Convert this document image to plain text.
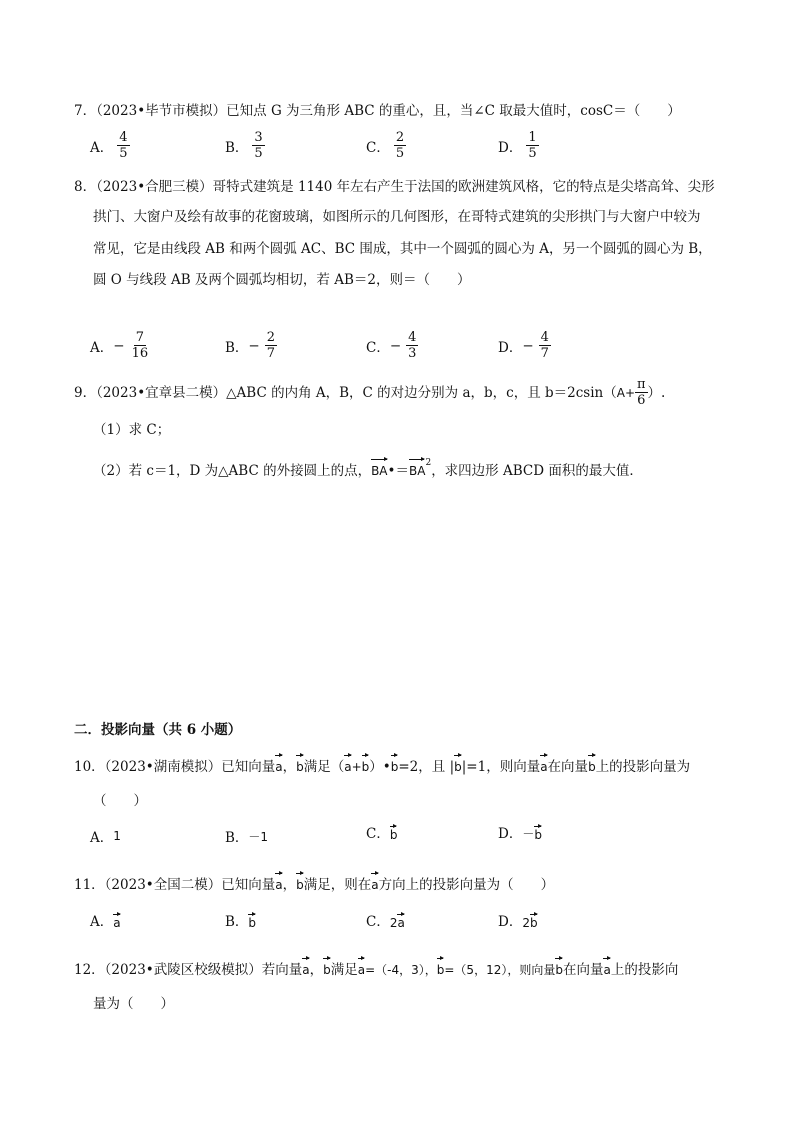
7．（2023•毕节市模拟）已知点 G 为三角形 ABC 的重心，且，当∠C 取最大值时，cosC＝（　　）
A． $\frac{4}{5}$	B． $\frac{3}{5}$	C． $\frac{2}{5}$	D． $\frac{1}{5}$
8．（2023•合肥三模）哥特式建筑是 1140 年左右产生于法国的欧洲建筑风格，它的特点是尖塔高耸、尖形
拱门、大窗户及绘有故事的花窗玻璃，如图所示的几何图形，在哥特式建筑的尖形拱门与大窗户中较为
常见，它是由线段 AB 和两个圆弧 AC、BC 围成，其中一个圆弧的圆心为 A，另一个圆弧的圆心为 B，
圆 O 与线段 AB 及两个圆弧均相切，若 AB＝2，则＝（　　）
A． − $\frac{7}{16}$	B． − $\frac{2}{7}$	C． − $\frac{4}{3}$	D． − $\frac{4}{7}$
9．（2023•宜章县二模）△ABC 的内角 A，B，C 的对边分别为 a，b，c，且 b＝2csin（ $A+ \frac{\pi}{6}$ ）.
（1）求 C；
（2）若 c＝1，D 为△ABC 的外接圆上的点， BA •＝ BA
$^2$ ，求四边形 ABCD 面积的最大值．
二．投影向量（共 6 小题）
10．（2023•湖南模拟）已知向量 a ， b 满足（ a + b ）• b =2，且 | b |=1，则向量 a 在向量 b 上的投影向量为
（　　）
A． 1	B． －1	C． b	D． － b
11．（2023•全国二模）已知向量 a ， b 满足，则在 a 方向上的投影向量为（　　）
A． a	B． b	C． 2 a	D． 2 b
12．（2023•武陵区校级模拟）若向量 a ， b 满足 a =（-4，3）， b =（5，12），则向量 b 在向量 a 上的投影向
量为（　　）
